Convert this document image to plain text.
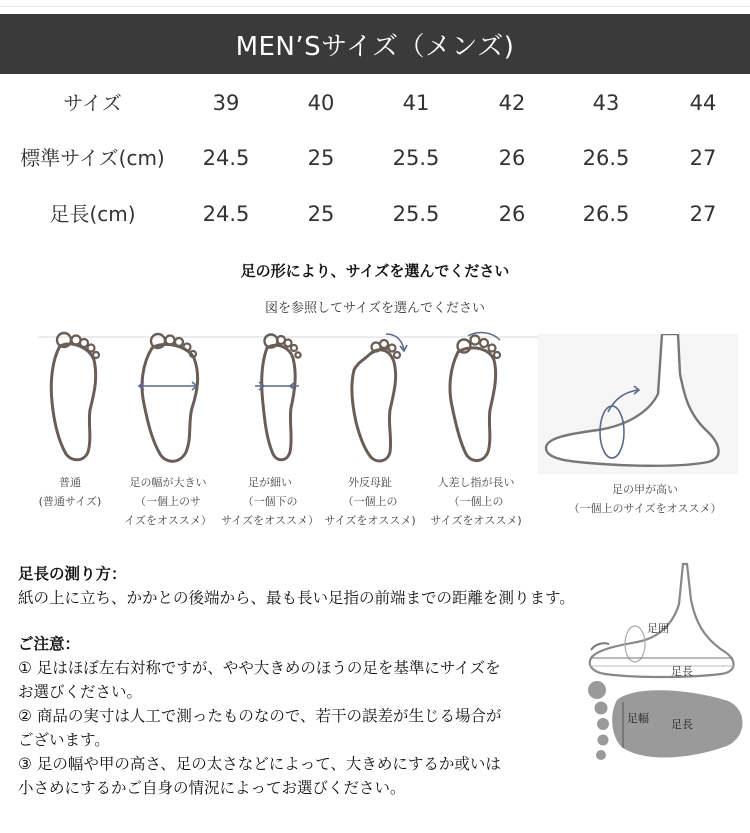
MEN’Sサイズ（メンズ)
サイズ	39	40	41	42	43	44
標準サイズ(cm)	24.5	25	25.5	26	26.5	27
足長(cm)	24.5	25	25.5	26	26.5	27
足の形により、サイズを選んでください
図を参照してサイズを選んでください
普通
(普通サイズ)
足の幅が大きい
（一個上のサ
イズをオススメ）
足が細い
（一個下の
サイズをオススメ）
外反母趾
（一個上の
サイズをオススメ)
人差し指が長い
（一個上の
サイズをオススメ)
足の甲が高い
（一個上のサイズをオススメ）
足長の測り方：
紙の上に立ち、かかとの後端から、最も長い足指の前端までの距離を測ります。
ご注意：
① 足はほぼ左右対称ですが、やや大きめのほうの足を基準にサイズを
お選びください。
② 商品の実寸は人工で測ったものなので、若干の誤差が生じる場合が
ございます。
③ 足の幅や甲の高さ、足の太さなどによって、大きめにするか或いは
小さめにするかご自身の情況によってお選びください。
足囲
足長
足幅 足長
